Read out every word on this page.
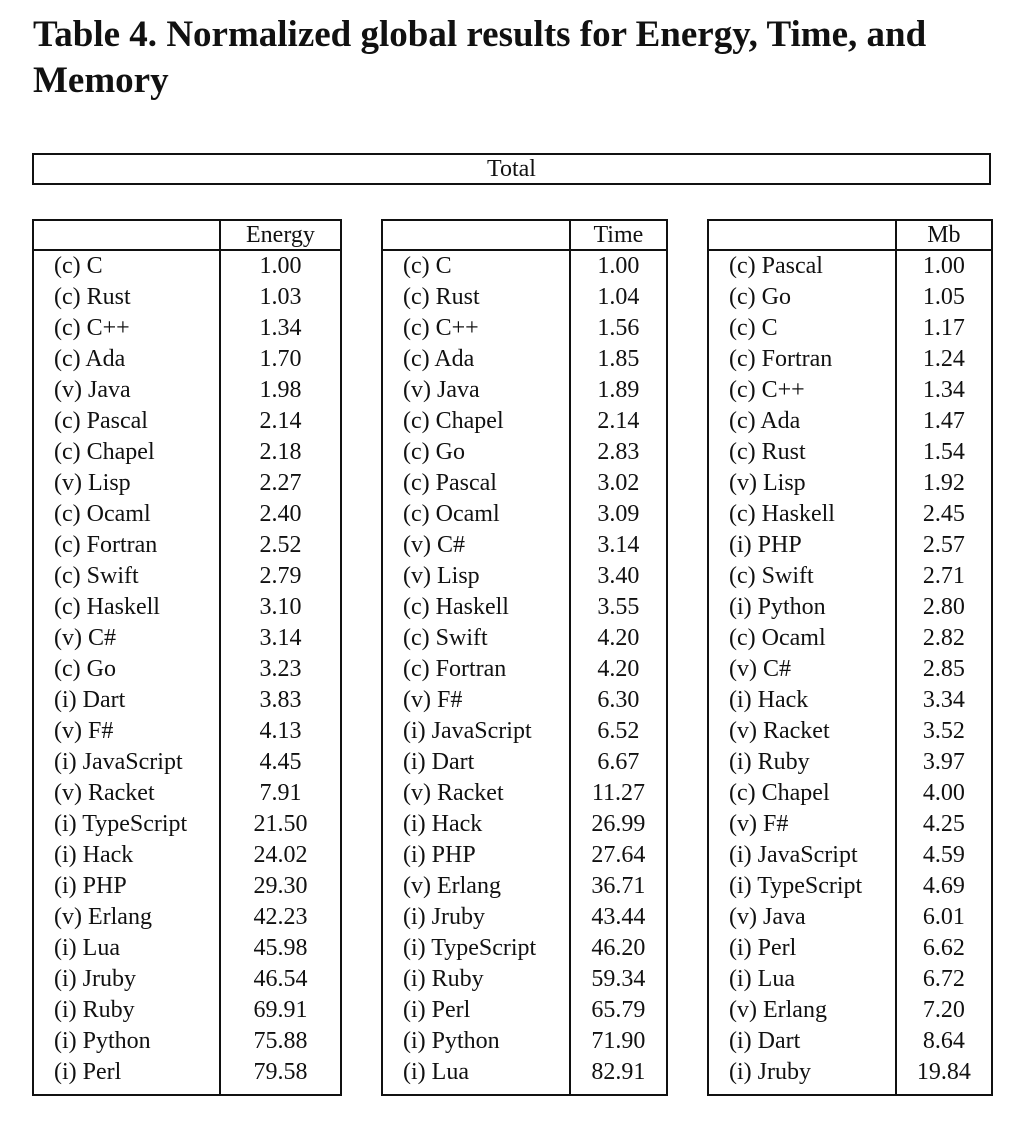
Table 4. Normalized global results for Energy, Time, and Memory
Total
	Energy
(c) C	1.00
(c) Rust	1.03
(c) C++	1.34
(c) Ada	1.70
(v) Java	1.98
(c) Pascal	2.14
(c) Chapel	2.18
(v) Lisp	2.27
(c) Ocaml	2.40
(c) Fortran	2.52
(c) Swift	2.79
(c) Haskell	3.10
(v) C#	3.14
(c) Go	3.23
(i) Dart	3.83
(v) F#	4.13
(i) JavaScript	4.45
(v) Racket	7.91
(i) TypeScript	21.50
(i) Hack	24.02
(i) PHP	29.30
(v) Erlang	42.23
(i) Lua	45.98
(i) Jruby	46.54
(i) Ruby	69.91
(i) Python	75.88
(i) Perl	79.58
	Time
(c) C	1.00
(c) Rust	1.04
(c) C++	1.56
(c) Ada	1.85
(v) Java	1.89
(c) Chapel	2.14
(c) Go	2.83
(c) Pascal	3.02
(c) Ocaml	3.09
(v) C#	3.14
(v) Lisp	3.40
(c) Haskell	3.55
(c) Swift	4.20
(c) Fortran	4.20
(v) F#	6.30
(i) JavaScript	6.52
(i) Dart	6.67
(v) Racket	11.27
(i) Hack	26.99
(i) PHP	27.64
(v) Erlang	36.71
(i) Jruby	43.44
(i) TypeScript	46.20
(i) Ruby	59.34
(i) Perl	65.79
(i) Python	71.90
(i) Lua	82.91
	Mb
(c) Pascal	1.00
(c) Go	1.05
(c) C	1.17
(c) Fortran	1.24
(c) C++	1.34
(c) Ada	1.47
(c) Rust	1.54
(v) Lisp	1.92
(c) Haskell	2.45
(i) PHP	2.57
(c) Swift	2.71
(i) Python	2.80
(c) Ocaml	2.82
(v) C#	2.85
(i) Hack	3.34
(v) Racket	3.52
(i) Ruby	3.97
(c) Chapel	4.00
(v) F#	4.25
(i) JavaScript	4.59
(i) TypeScript	4.69
(v) Java	6.01
(i) Perl	6.62
(i) Lua	6.72
(v) Erlang	7.20
(i) Dart	8.64
(i) Jruby	19.84
